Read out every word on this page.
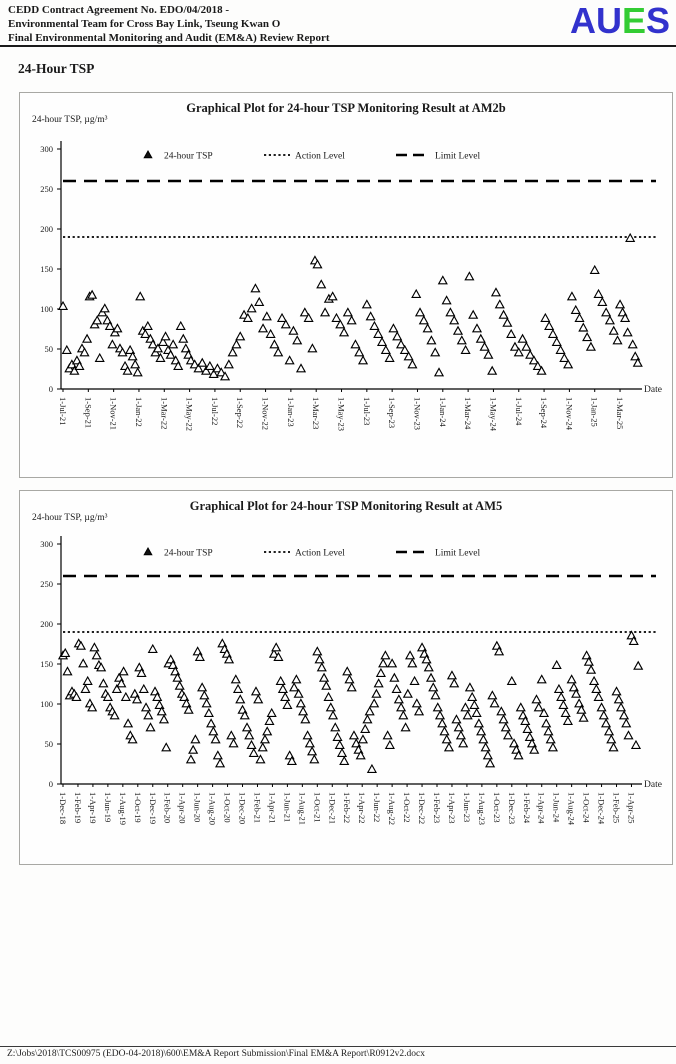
CEDD Contract Agreement No. EDO/04/2018 -
Environmental Team for Cross Bay Link, Tseung Kwan O
Final Environmental Monitoring and Audit (EM&A) Review Report	AUES
24-Hour TSP
Graphical Plot for 24-hour TSP Monitoring Result at AM2b
24-hour TSP, µg/m³
0
50
100
150
200
250
300
1-Jul-21 1-Sep-21 1-Nov-21 1-Jan-22 1-Mar-22 1-May-22 1-Jul-22 1-Sep-22 1-Nov-22 1-Jan-23 1-Mar-23 1-May-23 1-Jul-23 1-Sep-23 1-Nov-23 1-Jan-24 1-Mar-24 1-May-24 1-Jul-24 1-Sep-24 1-Nov-24 1-Jan-25 1-Mar-25
Date
24-hour TSP	Action Level	Limit Level
Graphical Plot for 24-hour TSP Monitoring Result at AM5
24-hour TSP, µg/m³
0
50
100
150
200
250
300
1-Dec-18 1-Feb-19 1-Apr-19 1-Jun-19 1-Aug-19 1-Oct-19 1-Dec-19 1-Feb-20 1-Apr-20 1-Jun-20 1-Aug-20 1-Oct-20 1-Dec-20 1-Feb-21 1-Apr-21 1-Jun-21 1-Aug-21 1-Oct-21 1-Dec-21 1-Feb-22 1-Apr-22 1-Jun-22 1-Aug-22 1-Oct-22 1-Dec-22 1-Feb-23 1-Apr-23 1-Jun-23 1-Aug-23 1-Oct-23 1-Dec-23 1-Feb-24 1-Apr-24 1-Jun-24 1-Aug-24 1-Oct-24 1-Dec-24 1-Feb-25 1-Apr-25
Date
24-hour TSP	Action Level	Limit Level
Z:\Jobs\2018\TCS00975 (EDO-04-2018)\600\EM&A Report Submission\Final EM&A Report\R0912v2.docx
